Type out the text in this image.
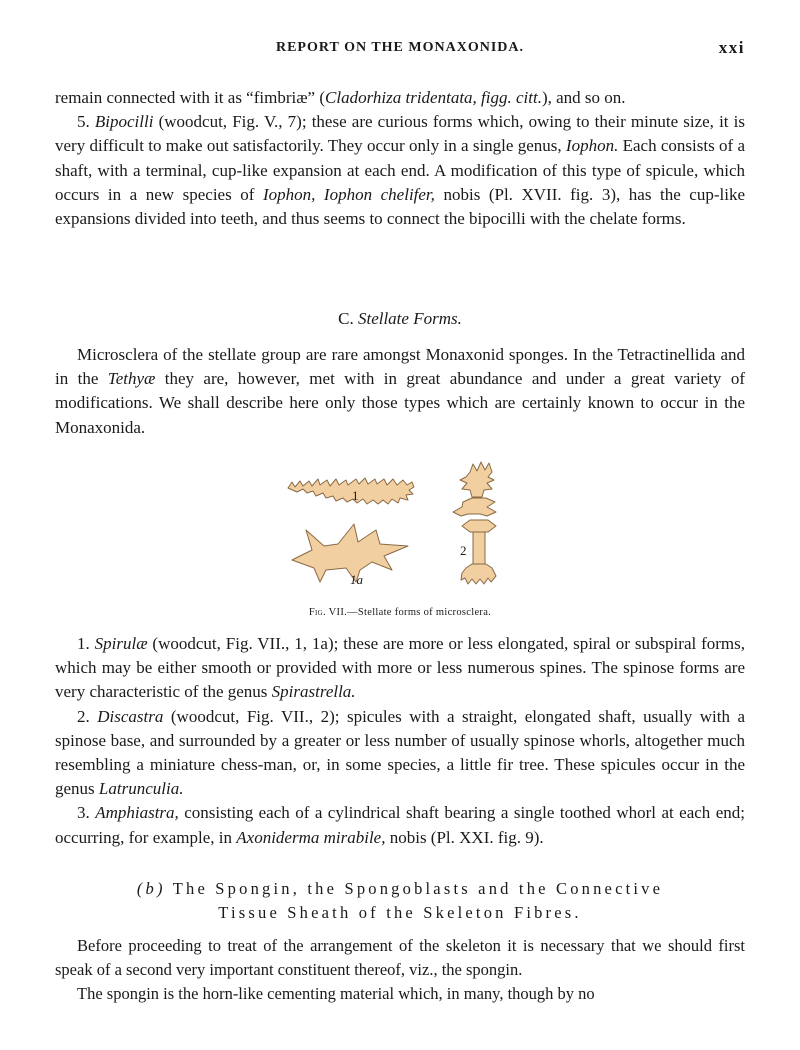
REPORT ON THE MONAXONIDA.	xxi

remain connected with it as “fimbriæ” (Cladorhiza tridentata, figg. citt.), and so on.

5. Bipocilli (woodcut, Fig. V., 7); these are curious forms which, owing to their minute size, it is very difficult to make out satisfactorily. They occur only in a single genus, Iophon. Each consists of a shaft, with a terminal, cup-like expansion at each end. A modification of this type of spicule, which occurs in a new species of Iophon, Iophon chelifer, nobis (Pl. XVII. fig. 3), has the cup-like expansions divided into teeth, and thus seems to connect the bipocilli with the chelate forms.

C. Stellate Forms.

Microsclera of the stellate group are rare amongst Monaxonid sponges. In the Tetractinellida and in the Tethyæ they are, however, met with in great abundance and under a great variety of modifications. We shall describe here only those types which are certainly known to occur in the Monaxonida.

1
1a
2
Fig. VII.—Stellate forms of microsclera.

1. Spirulæ (woodcut, Fig. VII., 1, 1a); these are more or less elongated, spiral or subspiral forms, which may be either smooth or provided with more or less numerous spines. The spinose forms are very characteristic of the genus Spirastrella.

2. Discastra (woodcut, Fig. VII., 2); spicules with a straight, elongated shaft, usually with a spinose base, and surrounded by a greater or less number of usually spinose whorls, altogether much resembling a miniature chess-man, or, in some species, a little fir tree. These spicules occur in the genus Latrunculia.

3. Amphiastra, consisting each of a cylindrical shaft bearing a single toothed whorl at each end; occurring, for example, in Axoniderma mirabile, nobis (Pl. XXI. fig. 9).

(b) The Spongin, the Spongoblasts and the Connective

Tissue Sheath of the Skeleton Fibres.

Before proceeding to treat of the arrangement of the skeleton it is necessary that we should first speak of a second very important constituent thereof, viz., the spongin.

The spongin is the horn-like cementing material which, in many, though by no
